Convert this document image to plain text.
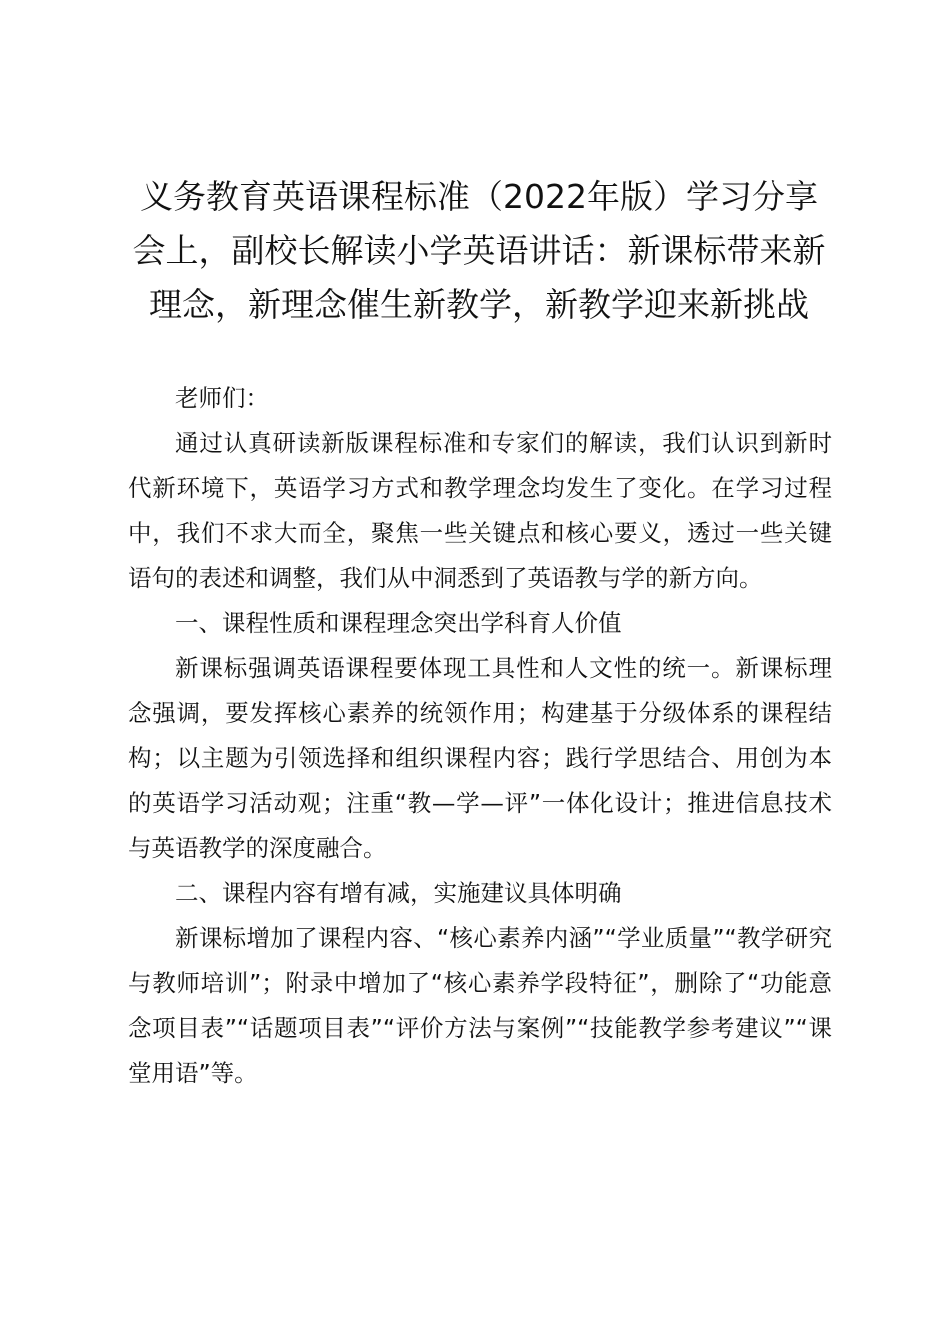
义务教育英语课程标准（2022年版）学习分享会上，副校长解读小学英语讲话：新课标带来新理念，新理念催生新教学，新教学迎来新挑战

老师们：

通过认真研读新版课程标准和专家们的解读，我们认识到新时代新环境下，英语学习方式和教学理念均发生了变化。在学习过程中，我们不求大而全，聚焦一些关键点和核心要义，透过一些关键语句的表述和调整，我们从中洞悉到了英语教与学的新方向。

一、课程性质和课程理念突出学科育人价值

新课标强调英语课程要体现工具性和人文性的统一。新课标理念强调，要发挥核心素养的统领作用；构建基于分级体系的课程结构；以主题为引领选择和组织课程内容；践行学思结合、用创为本的英语学习活动观；注重“教—学—评”一体化设计；推进信息技术与英语教学的深度融合。

二、课程内容有增有减，实施建议具体明确

新课标增加了课程内容、“核心素养内涵”“学业质量”“教学研究与教师培训”；附录中增加了“核心素养学段特征”，删除了“功能意念项目表”“话题项目表”“评价方法与案例”“技能教学参考建议”“课堂用语”等。
